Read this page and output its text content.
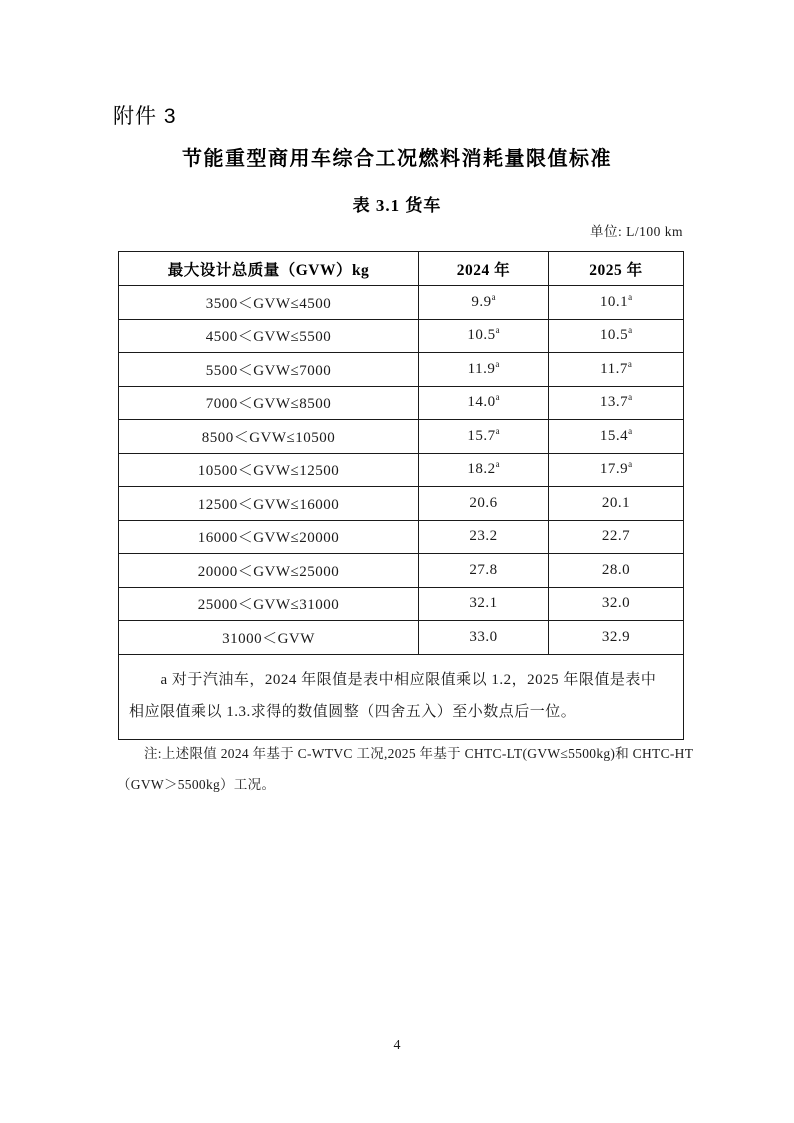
附件 3
节能重型商用车综合工况燃料消耗量限值标准
表 3.1 货车
单位: L/100 km
最大设计总质量（GVW）kg	2024 年	2025 年
3500＜GVW≤4500	9.9$^a$	10.1$^a$
4500＜GVW≤5500	10.5$^a$	10.5$^a$
5500＜GVW≤7000	11.9$^a$	11.7$^a$
7000＜GVW≤8500	14.0$^a$	13.7$^a$
8500＜GVW≤10500	15.7$^a$	15.4$^a$
10500＜GVW≤12500	18.2$^a$	17.9$^a$
12500＜GVW≤16000	20.6	20.1
16000＜GVW≤20000	23.2	22.7
20000＜GVW≤25000	27.8	28.0
25000＜GVW≤31000	32.1	32.0
31000＜GVW	33.0	32.9

a 对于汽油车，2024 年限值是表中相应限值乘以 1.2，2025 年限值是表中
相应限值乘以 1.3.求得的数值圆整（四舍五入）至小数点后一位。		
注:上述限值 2024 年基于 C-WTVC 工况,2025 年基于 CHTC-LT(GVW≤5500kg)和 CHTC-HT
（GVW＞5500kg）工况。
4
